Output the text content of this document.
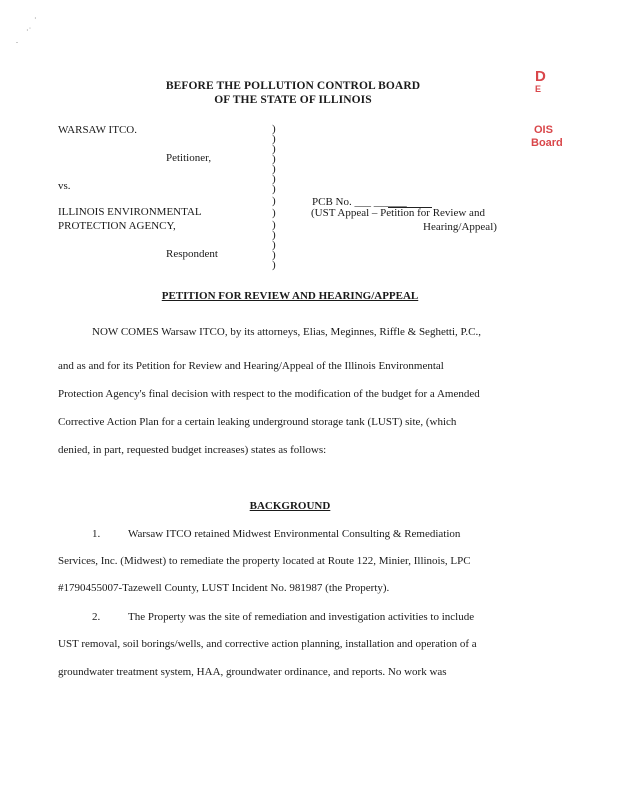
·
·˙
.
BEFORE THE POLLUTION CONTROL BOARD
OF THE STATE OF ILLINOIS
D
E
OIS
Board
WARSAW ITCO.
Petitioner,
vs.
ILLINOIS ENVIRONMENTAL
PROTECTION AGENCY,
Respondent
)
)
)
)
)
)
)
)
)
)
)
)
)
)
PCB No. ___ ______
(UST Appeal – Petition for Review and
Hearing/Appeal)
PETITION FOR REVIEW AND HEARING/APPEAL
NOW COMES Warsaw ITCO, by its attorneys, Elias, Meginnes, Riffle & Seghetti, P.C.,
and as and for its Petition for Review and Hearing/Appeal of the Illinois Environmental
Protection Agency's final decision with respect to the modification of the budget for a Amended
Corrective Action Plan for a certain leaking underground storage tank (LUST) site, (which
denied, in part, requested budget increases) states as follows:
BACKGROUND
1.	Warsaw ITCO retained Midwest Environmental Consulting & Remediation
Services, Inc. (Midwest) to remediate the property located at Route 122, Minier, Illinois, LPC
#1790455007-Tazewell County, LUST Incident No. 981987 (the Property).
2.	The Property was the site of remediation and investigation activities to include
UST removal, soil borings/wells, and corrective action planning, installation and operation of a
groundwater treatment system, HAA, groundwater ordinance, and reports. No work was
